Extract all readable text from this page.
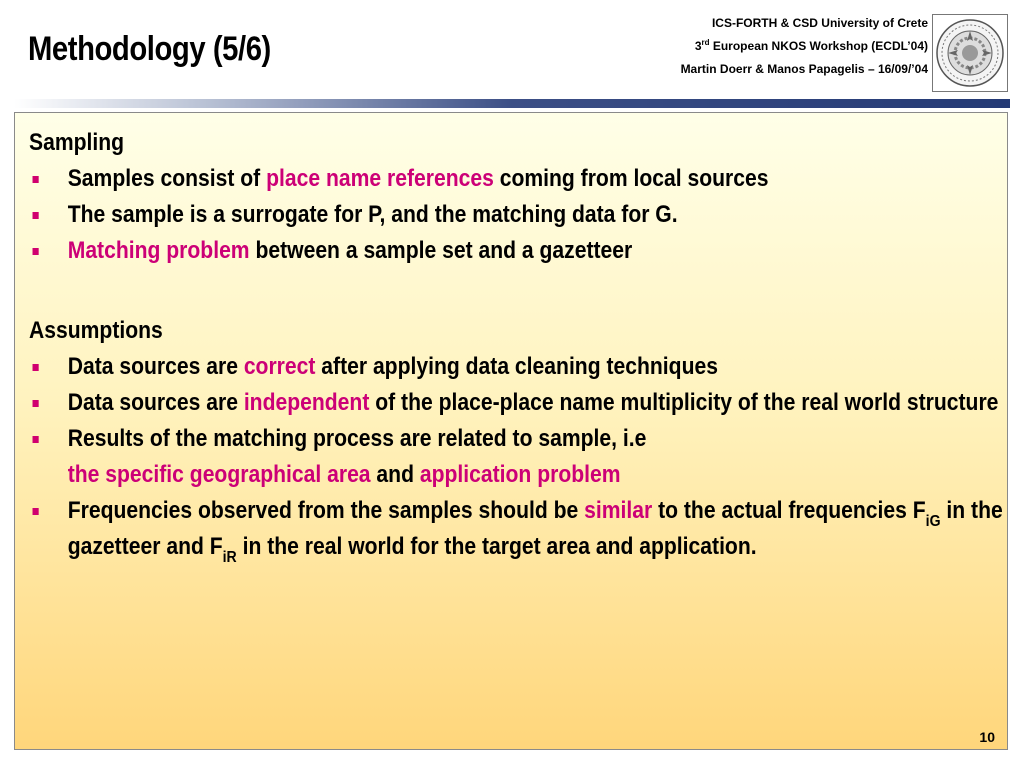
Methodology (5/6)
ICS-FORTH & CSD University of Crete
3rd European NKOS Workshop (ECDL’04)
Martin Doerr & Manos Papagelis – 16/09/’04
Sampling
Samples consist of place name references coming from local sources
The sample is a surrogate for P, and the matching data for G.
Matching problem between a sample set and a gazetteer
Assumptions
Data sources are correct after applying data cleaning techniques
Data sources are independent of the place-place name multiplicity of the real world structure
Results of the matching process are related to sample, i.e
the specific geographical area and application problem
Frequencies observed from the samples should be similar to the actual frequencies $F_{iG}$ in the gazetteer and $F_{iR}$ in the real world for the target area and application.
10
